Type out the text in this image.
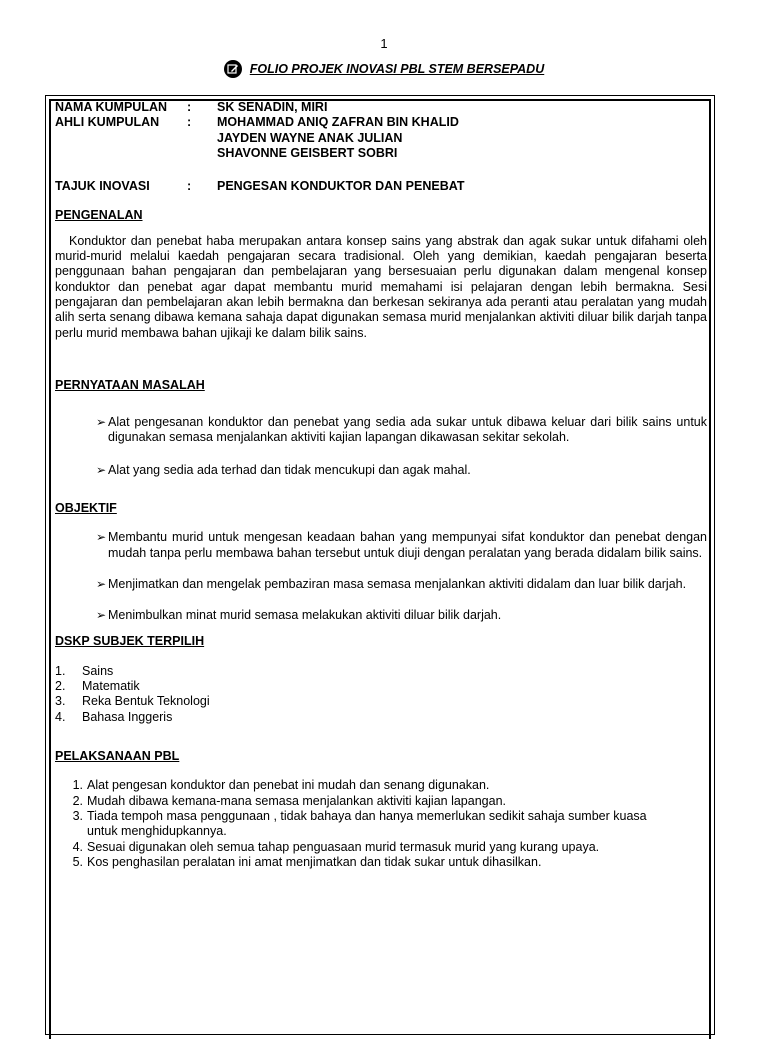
1
FOLIO PROJEK INOVASI PBL STEM BERSEPADU
NAMA KUMPULAN	:	SK SENADIN, MIRI
AHLI KUMPULAN	:	MOHAMMAD ANIQ ZAFRAN BIN KHALID
JAYDEN WAYNE ANAK JULIAN
SHAVONNE GEISBERT SOBRI
TAJUK INOVASI	:	PENGESAN KONDUKTOR DAN PENEBAT

PENGENALAN

Konduktor dan penebat haba merupakan antara konsep sains yang abstrak dan agak sukar untuk difahami oleh murid-murid melalui kaedah pengajaran secara tradisional. Oleh yang demikian, kaedah pengajaran beserta penggunaan bahan pengajaran dan pembelajaran yang bersesuaian perlu digunakan dalam mengenal konsep konduktor dan penebat agar dapat membantu murid memahami isi pelajaran dengan lebih bermakna. Sesi pengajaran dan pembelajaran akan lebih bermakna dan berkesan sekiranya ada peranti atau peralatan yang mudah alih serta senang dibawa kemana sahaja dapat digunakan semasa murid menjalankan aktiviti diluar bilik darjah tanpa perlu murid membawa bahan ujikaji ke dalam bilik sains.

PERNYATAAN MASALAH

➢ Alat pengesanan konduktor dan penebat yang sedia ada sukar untuk dibawa keluar dari bilik sains untuk digunakan semasa menjalankan aktiviti kajian lapangan dikawasan sekitar sekolah.
➢ Alat yang sedia ada terhad dan tidak mencukupi dan agak mahal.

OBJEKTIF

➢ Membantu murid untuk mengesan keadaan bahan yang mempunyai sifat konduktor dan penebat dengan mudah tanpa perlu membawa bahan tersebut untuk diuji dengan peralatan yang berada didalam bilik sains.
➢ Menjimatkan dan mengelak pembaziran masa semasa menjalankan aktiviti didalam dan luar bilik darjah.
➢ Menimbulkan minat murid semasa melakukan aktiviti diluar bilik darjah.

DSKP SUBJEK TERPILIH

1.	Sains
2.	Matematik
3.	Reka Bentuk Teknologi
4.	Bahasa Inggeris

PELAKSANAAN PBL

1. Alat pengesan konduktor dan penebat ini mudah dan senang digunakan.
2. Mudah dibawa kemana-mana semasa menjalankan aktiviti kajian lapangan.
3. Tiada tempoh masa penggunaan , tidak bahaya dan hanya memerlukan sedikit sahaja sumber kuasa untuk menghidupkannya.
4. Sesuai digunakan oleh semua tahap penguasaan murid termasuk murid yang kurang upaya.
5. Kos penghasilan peralatan ini amat menjimatkan dan tidak sukar untuk dihasilkan.
